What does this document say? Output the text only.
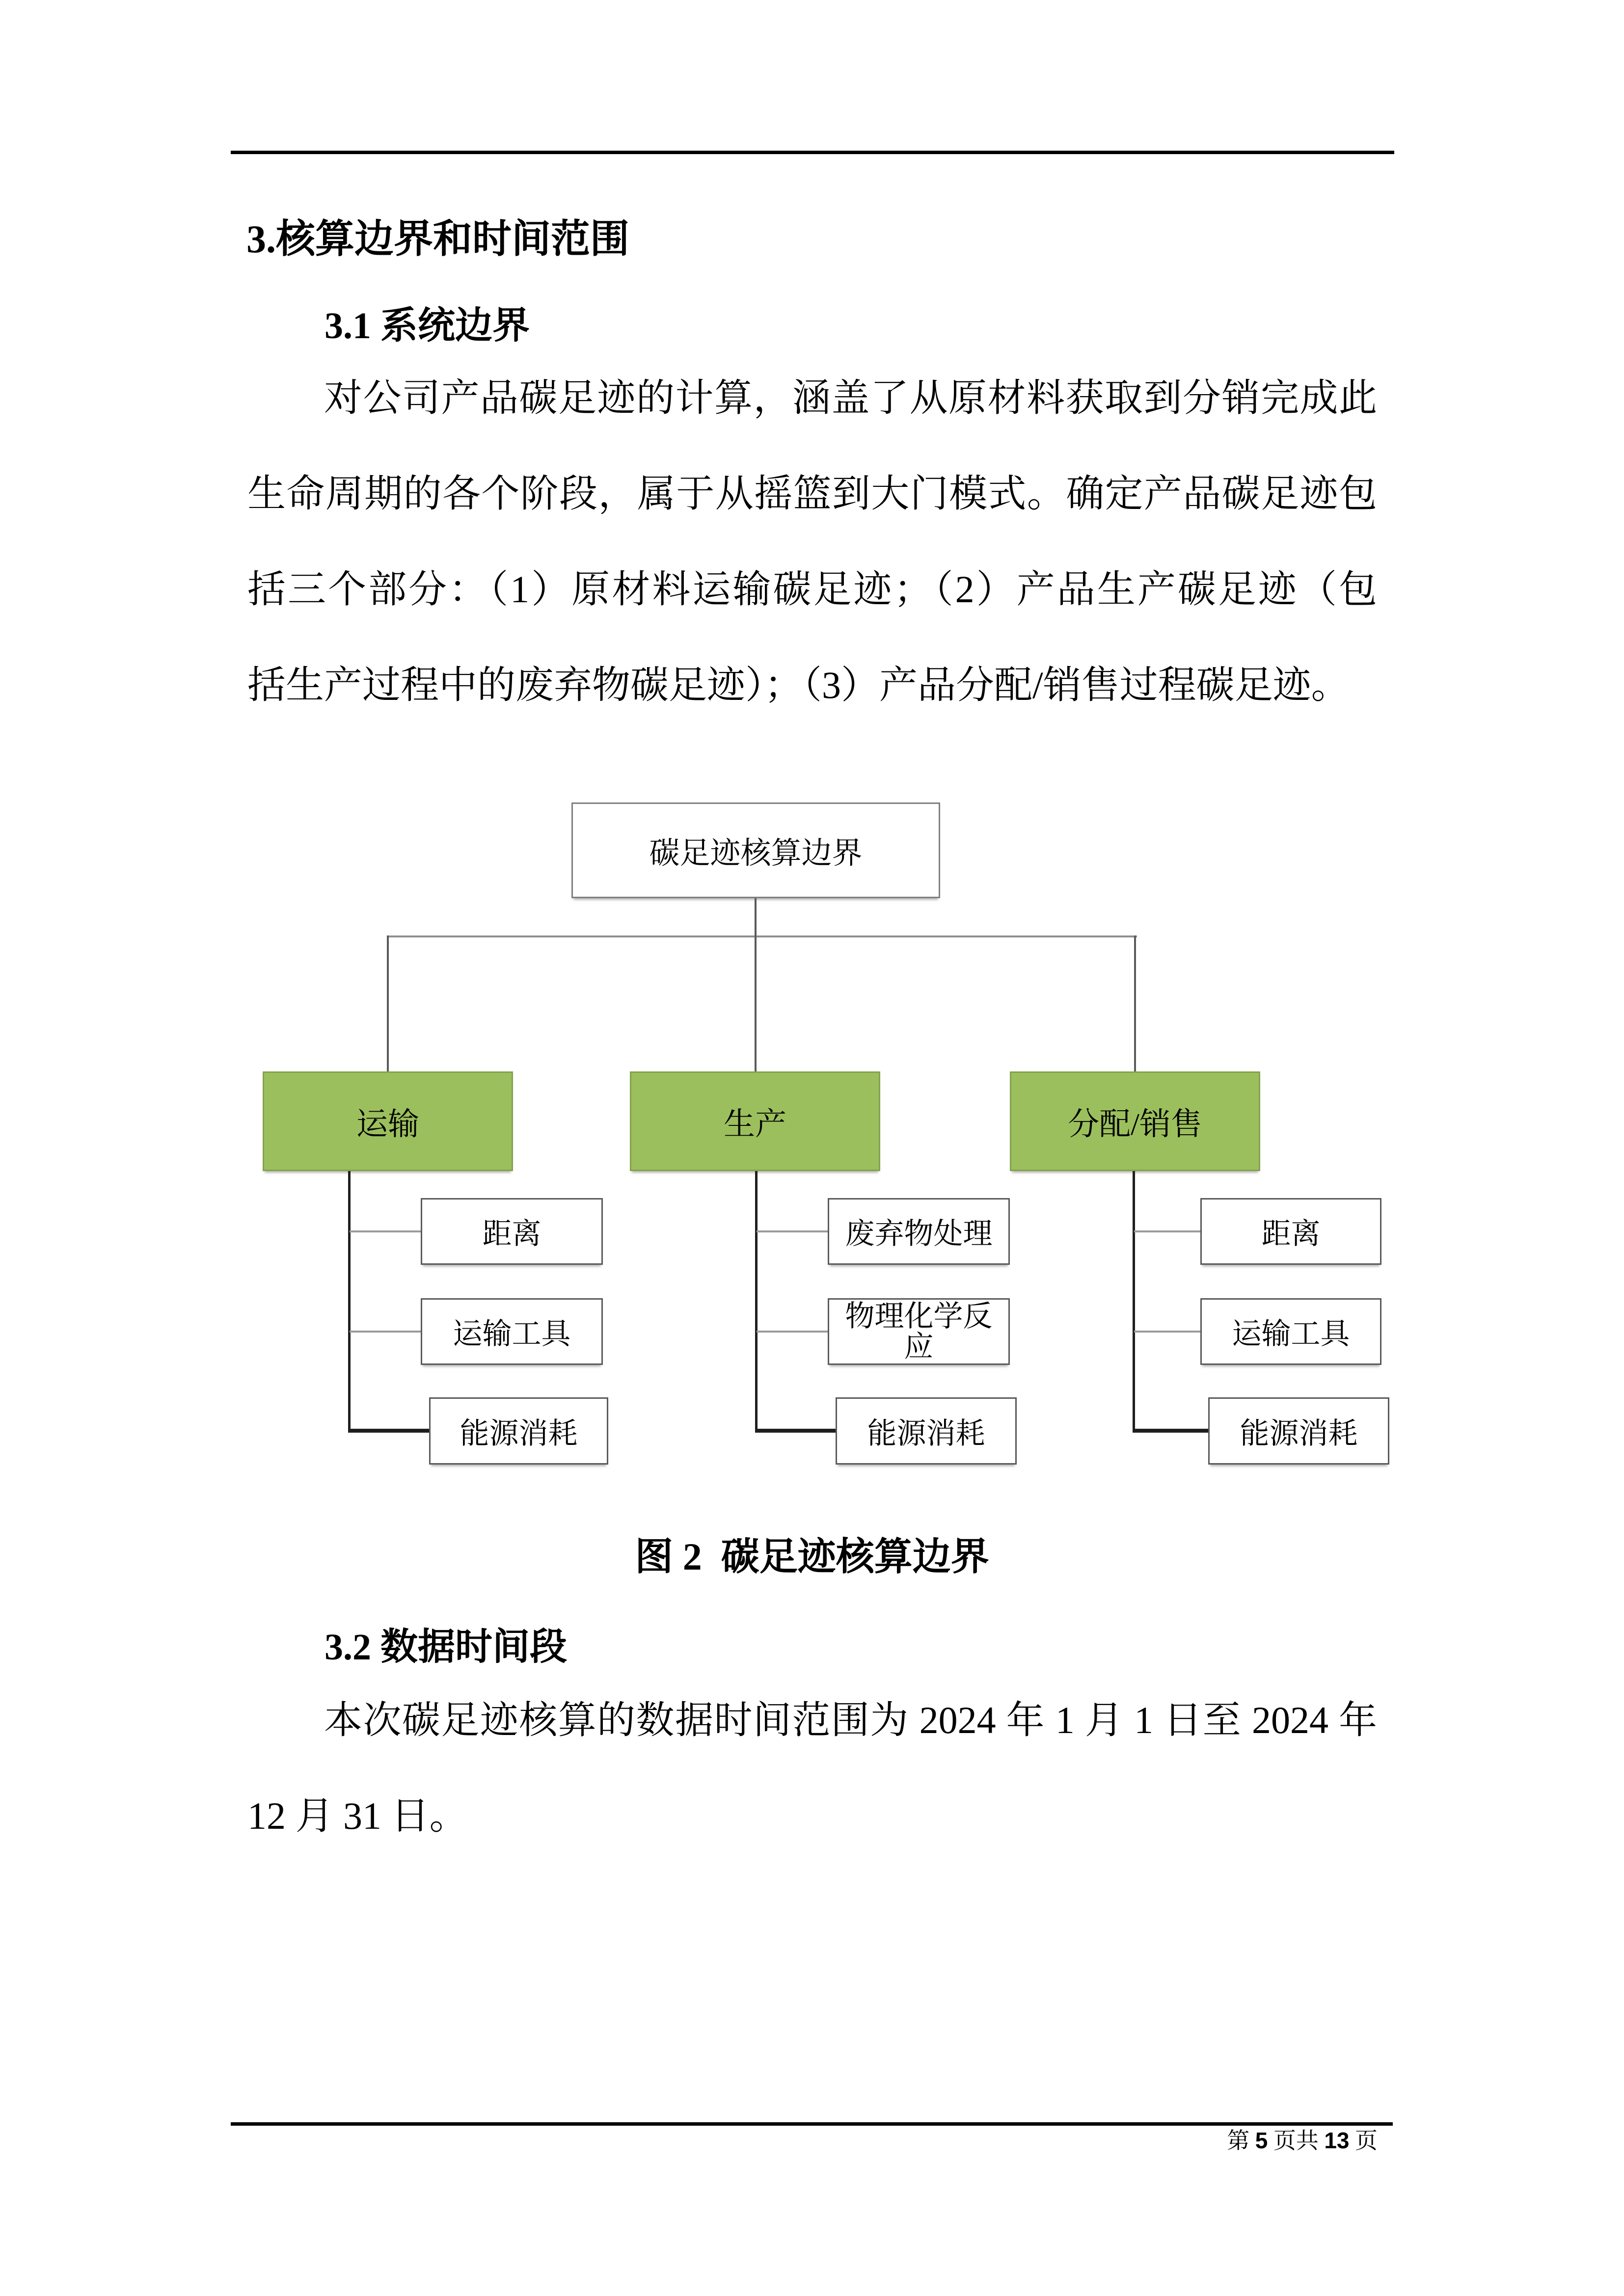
3.核算边界和时间范围
3.1 系统边界
对公司产品碳足迹的计算，涵盖了从原材料获取到分销完成此
生命周期的各个阶段，属于从摇篮到大门模式。确定产品碳足迹包
括三个部分：（1）原材料运输碳足迹；（2）产品生产碳足迹（包
括生产过程中的废弃物碳足迹）；（3）产品分配/销售过程碳足迹。
碳足迹核算边界
运输	生产	分配/销售
距离
运输工具
能源消耗
废弃物处理
物理化学反应
能源消耗
距离
运输工具
能源消耗
图 2  碳足迹核算边界
3.2 数据时间段
本次碳足迹核算的数据时间范围为 2024 年 1 月 1 日至 2024 年
12 月 31 日。
第 5 页共 13 页
